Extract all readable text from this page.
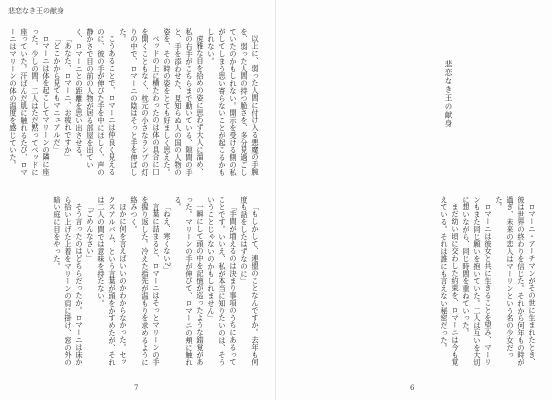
悲恋なき王の献身

以上に、弱った人間に付け入る悪魔の手腕を、弱った人間の持つ脆さを、多分見過ごしていたのかもしれない。開示を受ける側の私がしてしまう思い寄らないことが起こるかもしれない。

虎雅な目を拾めの姿に思わず大人に溜め、私の右手がこちらまで動いている、隙間の手と、手を添わせた、見知らぬ人の国の人物の姿を、その時の姿をとても好ましく思えた。

ベッドの上に横たわったのは体の具合に口を開くこともなく、枕元の小さなランプの灯りの中で、ロマーニの陰はそっと手を伸ばした。

こうあることで、ロマーニは仲良く見えるのに、彼の手が伸びた手を中にほしく、声の静かさで目の前の人物が居る部屋を出ていく、ロマーニとの距離を思い出させる。

「あなた、ロマーニ、お疲れですか」

「どこかから見てもマニュアルだ」

ロマーニは体を起こしてマリーンの隣に座った。少しの間、二人はただ黙ってベッドに座っていた。汗ばんだ肌に触れるたび、ロマーニはマリーンの体の温度を感じていた。

「もしかして、連盟のことなんですか。去年も何度も話をしたはずなのに」

「手間が増えるのは決まり事項のうちにあるってことです。いいえ、私が本当に知りたいのは、そういうことじゃないのかもしれません」

一瞬にして頭の中を記憶が巡ったような錯覚があった。マリーンの手が伸びて、ロマーニの頬に触れる。

「ねえ、寒くない?」

言葉に詰まると、ロマーニはそっとマリーンの手を握り返した。冷えた指先が温もりを求めるように絡みつく。

ほかに何を言えばいいのかわからなかった。セックスアルバム、という言葉が頭をかすめたが、それは二人の間では意味を持たない。

「ごめんなさい」

そう言ったのはどちらだったか。ロマーニは床から拾い上げた上着をマリーンの肩に掛け、窓の外の暗い庭に目をやった。

7
悲恋なき王の献身

ロマーニ・アーチマンがその世に生まれたとき、彼は世界の終わりを信じた。それから何年もの時が過ぎ、未来の恋人はマーリンという名の少女だった。

ロマーニは彼女と共に生きることを望み、マーリンもまた同じ願いを抱いていた。二人は互いを大切に想いながら、同じ時間を重ねていった。

まだ幼い頃に交わした約束を、ロマーニは今も覚えている。それは誰にも言えない秘密だった。

6
